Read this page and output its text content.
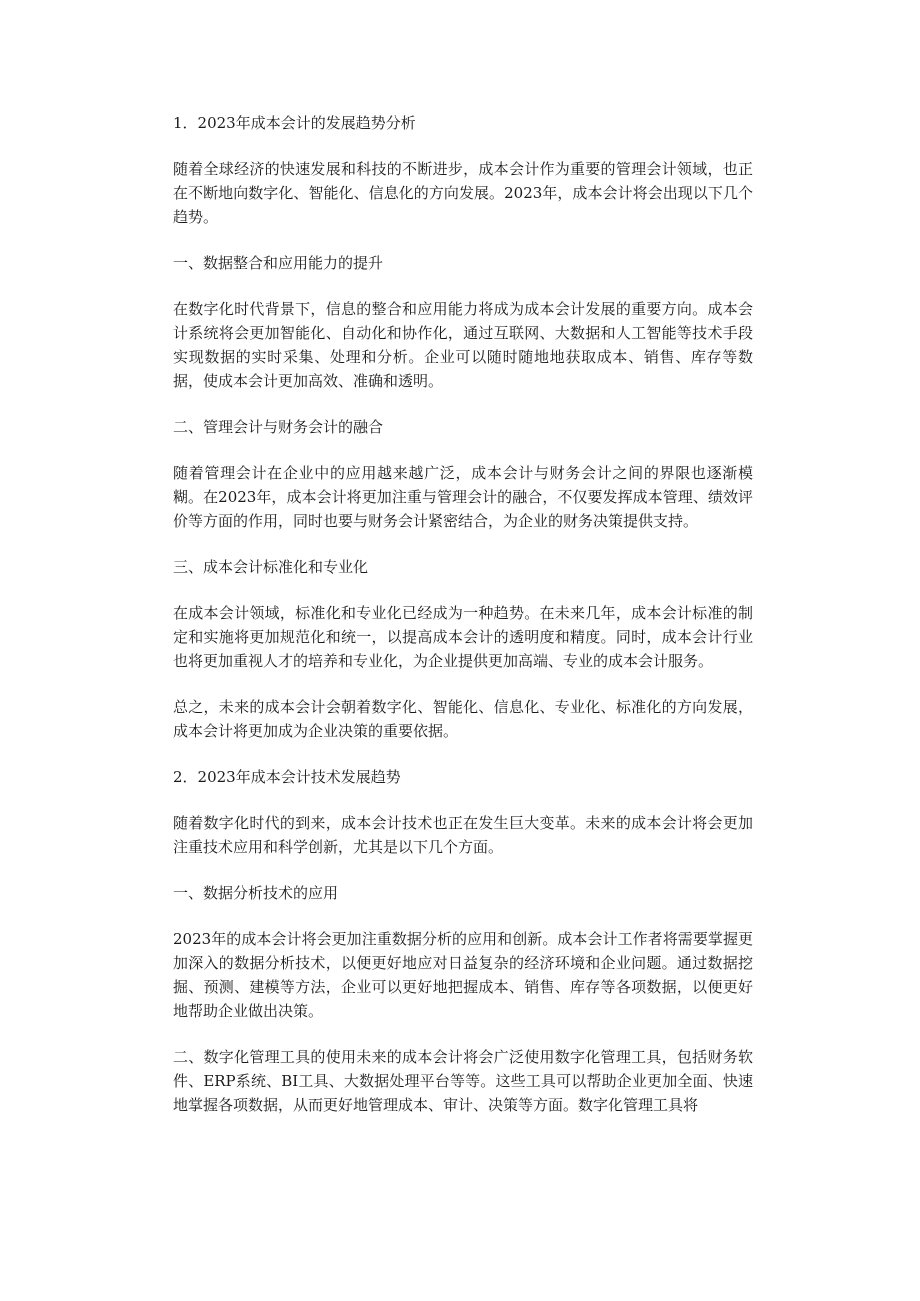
1．2023年成本会计的发展趋势分析

随着全球经济的快速发展和科技的不断进步，成本会计作为重要的管理会计领域，也正在不断地向数字化、智能化、信息化的方向发展。2023年，成本会计将会出现以下几个趋势。

一、数据整合和应用能力的提升

在数字化时代背景下，信息的整合和应用能力将成为成本会计发展的重要方向。成本会计系统将会更加智能化、自动化和协作化，通过互联网、大数据和人工智能等技术手段实现数据的实时采集、处理和分析。企业可以随时随地地获取成本、销售、库存等数据，使成本会计更加高效、准确和透明。

二、管理会计与财务会计的融合

随着管理会计在企业中的应用越来越广泛，成本会计与财务会计之间的界限也逐渐模糊。在2023年，成本会计将更加注重与管理会计的融合，不仅要发挥成本管理、绩效评价等方面的作用，同时也要与财务会计紧密结合，为企业的财务决策提供支持。

三、成本会计标准化和专业化

在成本会计领域，标准化和专业化已经成为一种趋势。在未来几年，成本会计标准的制定和实施将更加规范化和统一，以提高成本会计的透明度和精度。同时，成本会计行业也将更加重视人才的培养和专业化，为企业提供更加高端、专业的成本会计服务。

总之，未来的成本会计会朝着数字化、智能化、信息化、专业化、标准化的方向发展，成本会计将更加成为企业决策的重要依据。

2．2023年成本会计技术发展趋势

随着数字化时代的到来，成本会计技术也正在发生巨大变革。未来的成本会计将会更加注重技术应用和科学创新，尤其是以下几个方面。

一、数据分析技术的应用

2023年的成本会计将会更加注重数据分析的应用和创新。成本会计工作者将需要掌握更加深入的数据分析技术，以便更好地应对日益复杂的经济环境和企业问题。通过数据挖掘、预测、建模等方法，企业可以更好地把握成本、销售、库存等各项数据，以便更好地帮助企业做出决策。

二、数字化管理工具的使用未来的成本会计将会广泛使用数字化管理工具，包括财务软件、ERP系统、BI工具、大数据处理平台等等。这些工具可以帮助企业更加全面、快速地掌握各项数据，从而更好地管理成本、审计、决策等方面。数字化管理工具将
